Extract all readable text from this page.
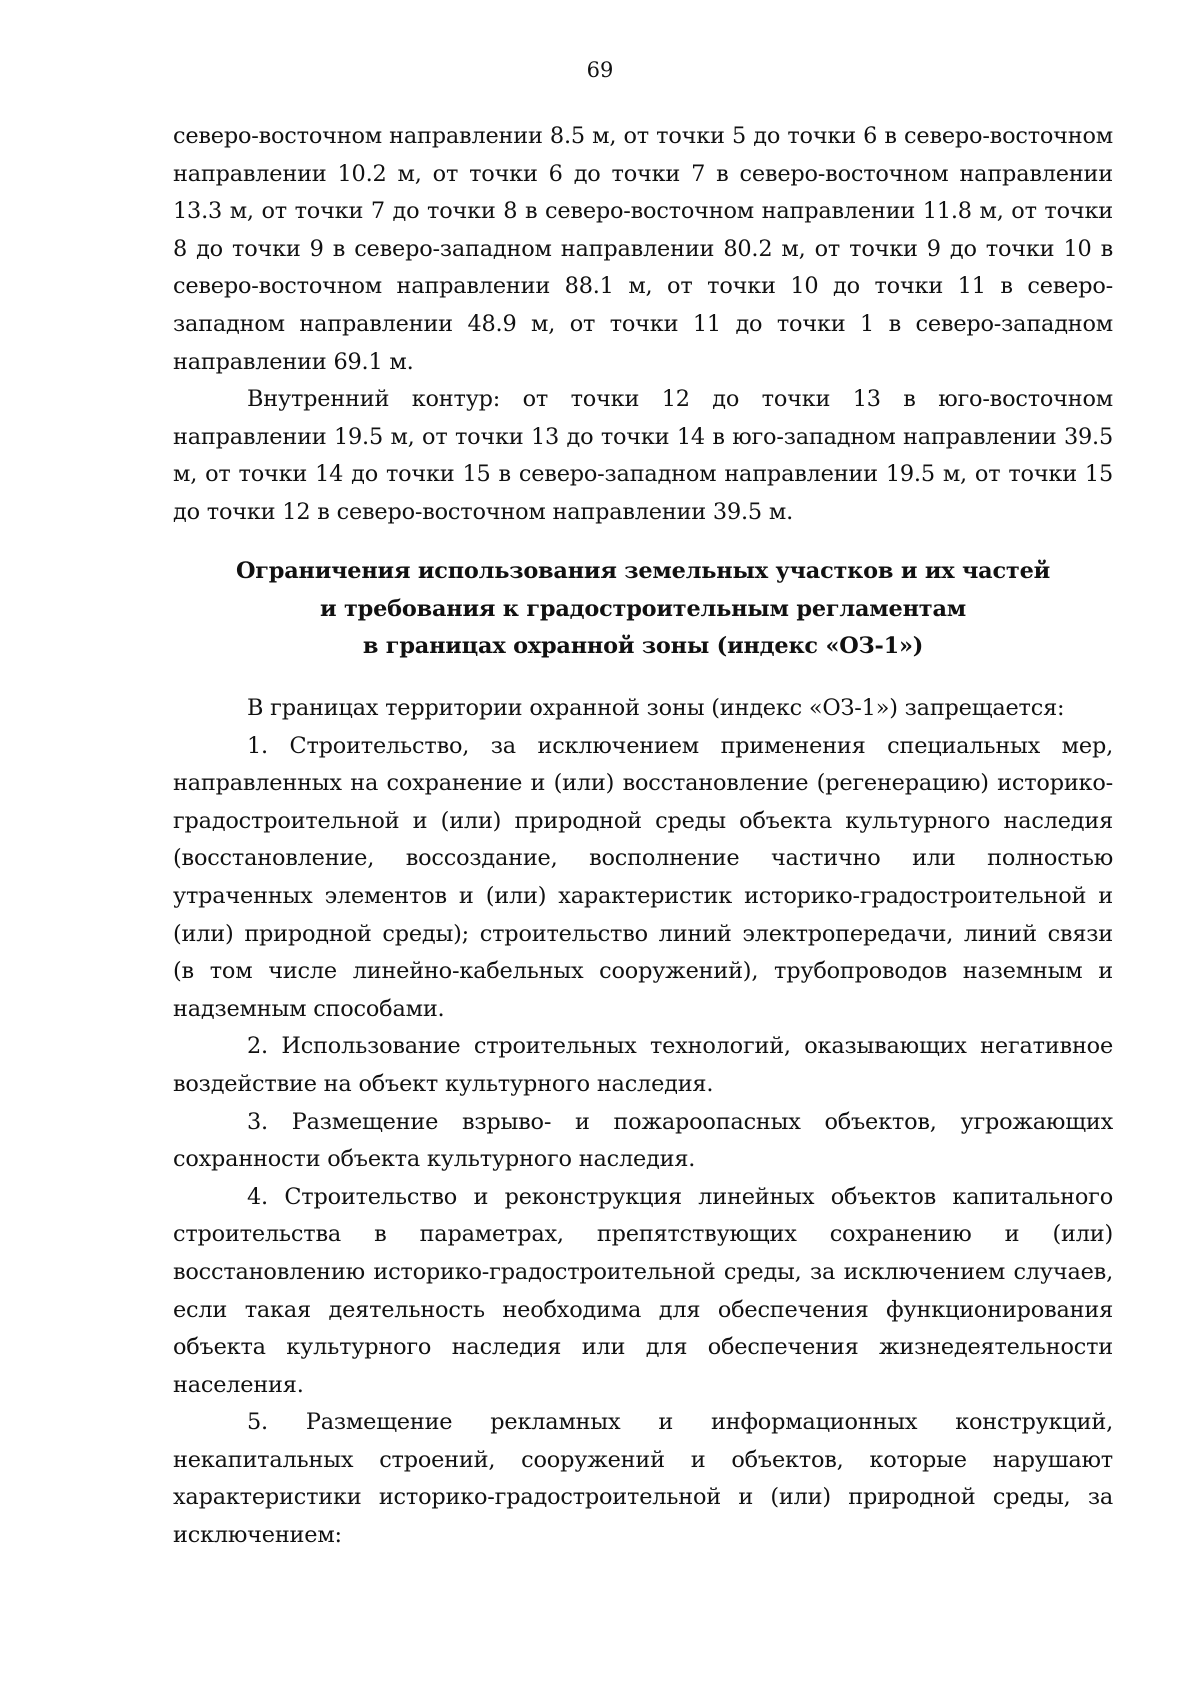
69

северо-восточном направлении 8.5 м, от точки 5 до точки 6 в северо-восточном направлении 10.2 м, от точки 6 до точки 7 в северо-восточном направлении 13.3 м, от точки 7 до точки 8 в северо-восточном направлении 11.8 м, от точки 8 до точки 9 в северо-западном направлении 80.2 м, от точки 9 до точки 10 в северо-восточном направлении 88.1 м, от точки 10 до точки 11 в северо-западном направлении 48.9 м, от точки 11 до точки 1 в северо-западном направлении 69.1 м.

Внутренний контур: от точки 12 до точки 13 в юго-восточном направлении 19.5 м, от точки 13 до точки 14 в юго-западном направлении 39.5 м, от точки 14 до точки 15 в северо-западном направлении 19.5 м, от точки 15 до точки 12 в северо-восточном направлении 39.5 м.

Ограничения использования земельных участков и их частей
и требования к градостроительным регламентам
в границах охранной зоны (индекс «ОЗ-1»)

В границах территории охранной зоны (индекс «ОЗ-1») запрещается:

1. Строительство, за исключением применения специальных мер, направленных на сохранение и (или) восстановление (регенерацию) историко-градостроительной и (или) природной среды объекта культурного наследия (восстановление, воссоздание, восполнение частично или полностью утраченных элементов и (или) характеристик историко-градостроительной и (или) природной среды); строительство линий электропередачи, линий связи (в том числе линейно-кабельных сооружений), трубопроводов наземным и надземным способами.

2. Использование строительных технологий, оказывающих негативное воздействие на объект культурного наследия.

3. Размещение взрыво- и пожароопасных объектов, угрожающих сохранности объекта культурного наследия.

4. Строительство и реконструкция линейных объектов капитального строительства в параметрах, препятствующих сохранению и (или) восстановлению историко-градостроительной среды, за исключением случаев, если такая деятельность необходима для обеспечения функционирования объекта культурного наследия или для обеспечения жизнедеятельности населения.

5. Размещение рекламных и информационных конструкций, некапитальных строений, сооружений и объектов, которые нарушают характеристики историко-градостроительной и (или) природной среды, за исключением:
